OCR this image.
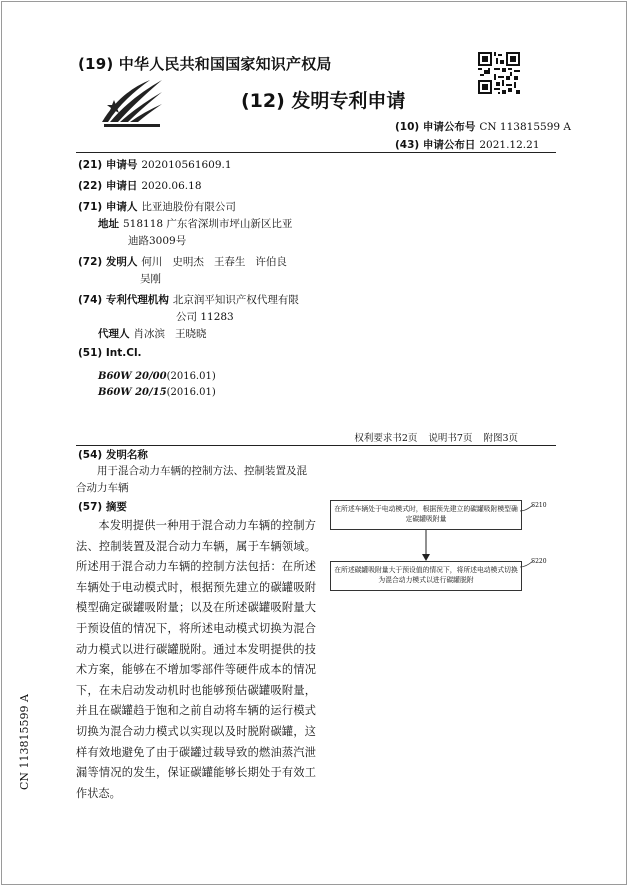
(19) 中华人民共和国国家知识产权局
(12) 发明专利申请
(10) 申请公布号 CN 113815599 A
(43) 申请公布日 2021.12.21
(21) 申请号 202010561609.1
(22) 申请日 2020.06.18
(71) 申请人 比亚迪股份有限公司
地址 518118 广东省深圳市坪山新区比亚
迪路3009号
(72) 发明人 何川   史明杰   王春生   许伯良
吴刚
(74) 专利代理机构 北京润平知识产权代理有限
公司 11283
代理人 肖冰滨   王晓晓
(51) Int.Cl.
B60W 20/00(2016.01)
B60W 20/15(2016.01)
权利要求书2页 说明书7页 附图3页
(54) 发明名称
用于混合动力车辆的控制方法、控制装置及混合动力车辆
(57) 摘要
本发明提供一种用于混合动力车辆的控制方法、控制装置及混合动力车辆，属于车辆领域。所述用于混合动力车辆的控制方法包括：在所述车辆处于电动模式时，根据预先建立的碳罐吸附模型确定碳罐吸附量；以及在所述碳罐吸附量大于预设值的情况下，将所述电动模式切换为混合动力模式以进行碳罐脱附。通过本发明提供的技术方案，能够在不增加零部件等硬件成本的情况下，在未启动发动机时也能够预估碳罐吸附量，并且在碳罐趋于饱和之前自动将车辆的运行模式切换为混合动力模式以实现以及时脱附碳罐，这样有效地避免了由于碳罐过载导致的燃油蒸汽泄漏等情况的发生，保证碳罐能够长期处于有效工作状态。
在所述车辆处于电动模式时，根据预先建立的碳罐吸附模型确定碳罐吸附量
S210
在所述碳罐吸附量大于预设值的情况下，将所述电动模式切换为混合动力模式以进行碳罐脱附
S220
CN 113815599 A
